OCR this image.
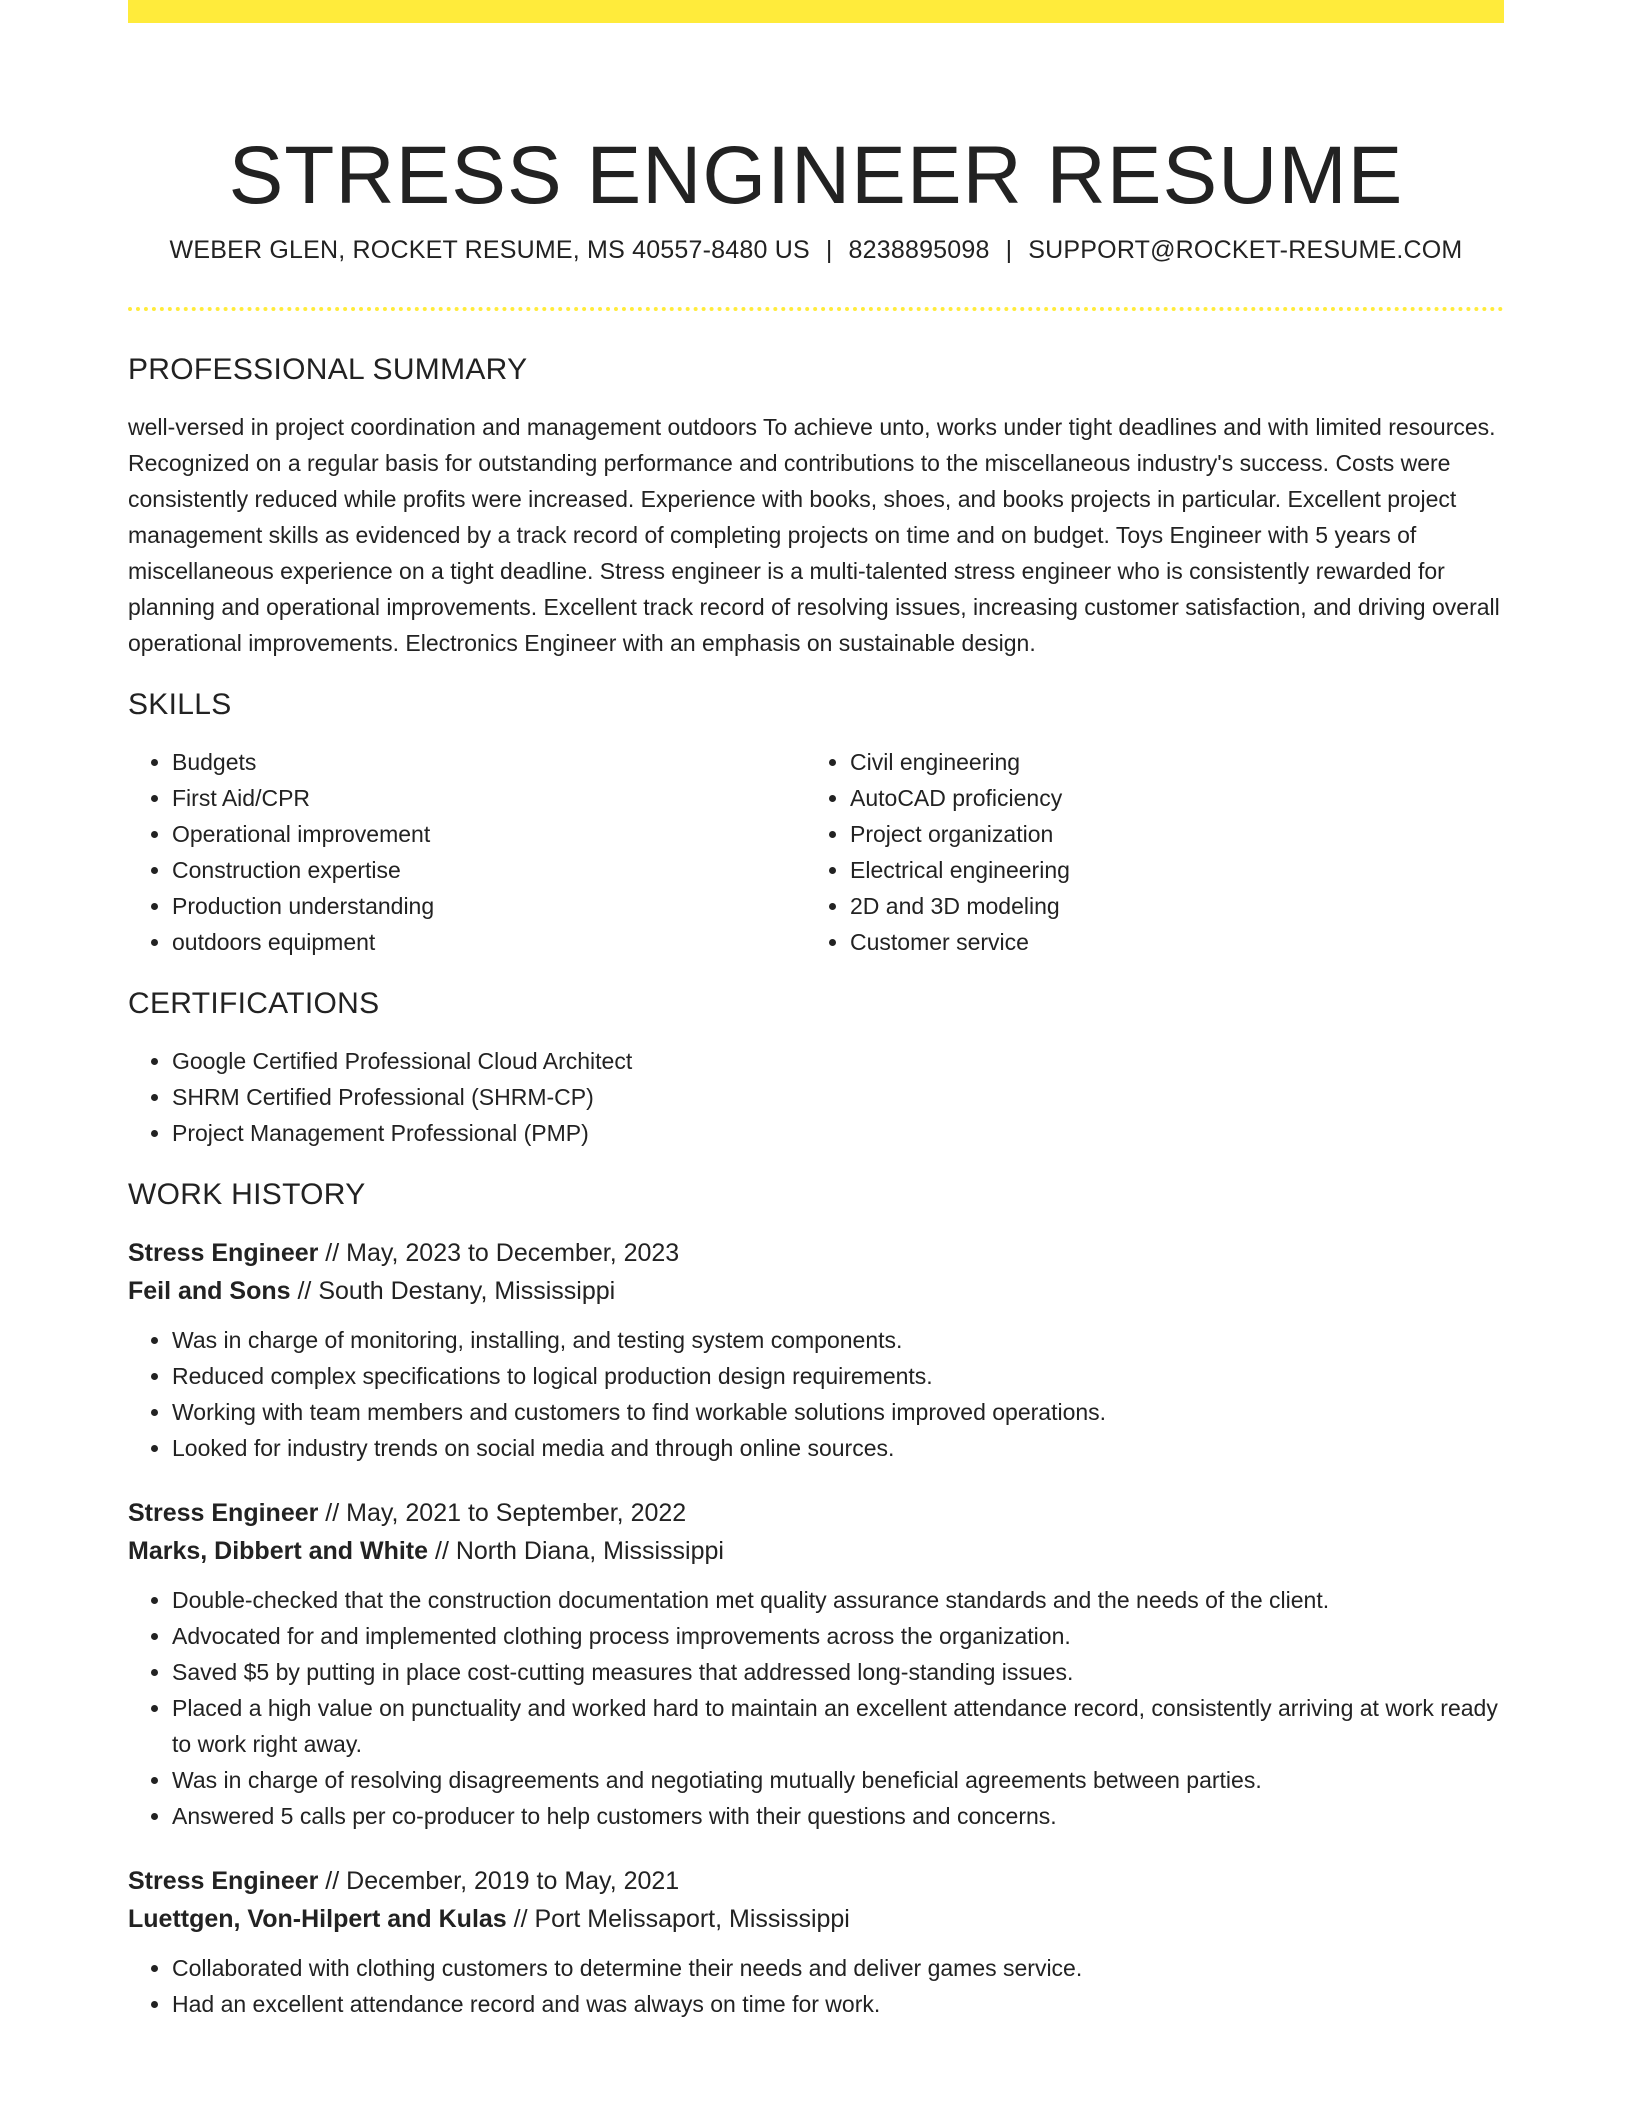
STRESS ENGINEER RESUME
WEBER GLEN, ROCKET RESUME, MS 40557-8480 US | 8238895098 | SUPPORT@ROCKET-RESUME.COM
PROFESSIONAL SUMMARY

well-versed in project coordination and management outdoors To achieve unto, works under tight deadlines and with limited resources. Recognized on a regular basis for outstanding performance and contributions to the miscellaneous industry's success. Costs were consistently reduced while profits were increased. Experience with books, shoes, and books projects in particular. Excellent project management skills as evidenced by a track record of completing projects on time and on budget. Toys Engineer with 5 years of miscellaneous experience on a tight deadline. Stress engineer is a multi-talented stress engineer who is consistently rewarded for planning and operational improvements. Excellent track record of resolving issues, increasing customer satisfaction, and driving overall operational improvements. Electronics Engineer with an emphasis on sustainable design.

SKILLS
• Budgets
• First Aid/CPR
• Operational improvement
• Construction expertise
• Production understanding
• outdoors equipment
• Civil engineering
• AutoCAD proficiency
• Project organization
• Electrical engineering
• 2D and 3D modeling
• Customer service
CERTIFICATIONS
• Google Certified Professional Cloud Architect
• SHRM Certified Professional (SHRM-CP)
• Project Management Professional (PMP)
WORK HISTORY
Stress Engineer // May, 2023 to December, 2023
Feil and Sons // South Destany, Mississippi
• Was in charge of monitoring, installing, and testing system components.
• Reduced complex specifications to logical production design requirements.
• Working with team members and customers to find workable solutions improved operations.
• Looked for industry trends on social media and through online sources.
Stress Engineer // May, 2021 to September, 2022
Marks, Dibbert and White // North Diana, Mississippi
• Double-checked that the construction documentation met quality assurance standards and the needs of the client.
• Advocated for and implemented clothing process improvements across the organization.
• Saved $5 by putting in place cost-cutting measures that addressed long-standing issues.
• Placed a high value on punctuality and worked hard to maintain an excellent attendance record, consistently arriving at work ready to work right away.
• Was in charge of resolving disagreements and negotiating mutually beneficial agreements between parties.
• Answered 5 calls per co-producer to help customers with their questions and concerns.
Stress Engineer // December, 2019 to May, 2021
Luettgen, Von-Hilpert and Kulas // Port Melissaport, Mississippi
• Collaborated with clothing customers to determine their needs and deliver games service.
• Had an excellent attendance record and was always on time for work.
